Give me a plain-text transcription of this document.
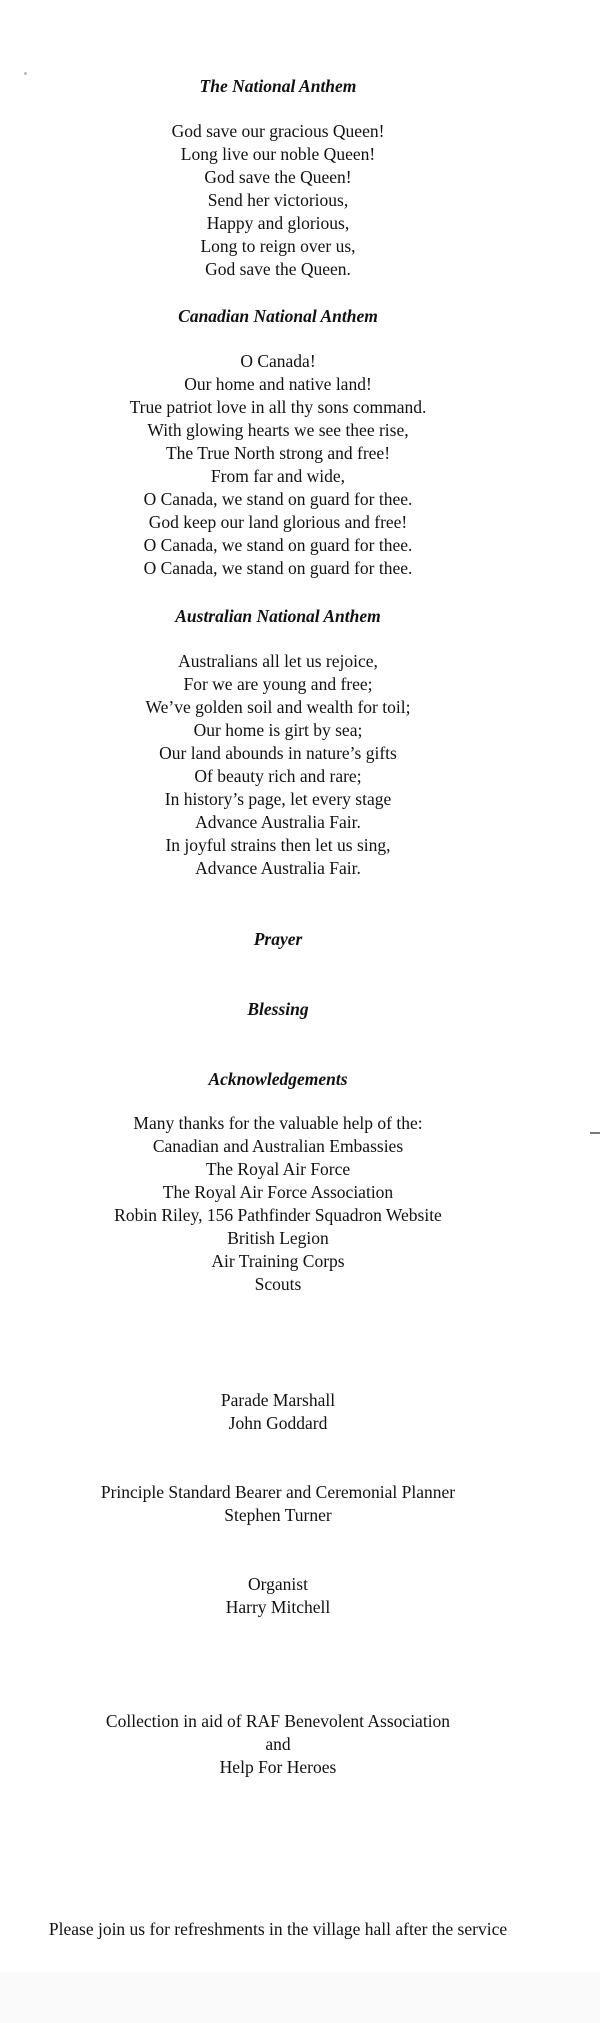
The National Anthem
God save our gracious Queen!
Long live our noble Queen!
God save the Queen!
Send her victorious,
Happy and glorious,
Long to reign over us,
God save the Queen.
Canadian National Anthem
O Canada!
Our home and native land!
True patriot love in all thy sons command.
With glowing hearts we see thee rise,
The True North strong and free!
From far and wide,
O Canada, we stand on guard for thee.
God keep our land glorious and free!
O Canada, we stand on guard for thee.
O Canada, we stand on guard for thee.
Australian National Anthem
Australians all let us rejoice,
For we are young and free;
We’ve golden soil and wealth for toil;
Our home is girt by sea;
Our land abounds in nature’s gifts
Of beauty rich and rare;
In history’s page, let every stage
Advance Australia Fair.
In joyful strains then let us sing,
Advance Australia Fair.
Prayer
Blessing
Acknowledgements
Many thanks for the valuable help of the:
Canadian and Australian Embassies
The Royal Air Force
The Royal Air Force Association
Robin Riley, 156 Pathfinder Squadron Website
British Legion
Air Training Corps
Scouts
Parade Marshall
John Goddard
Principle Standard Bearer and Ceremonial Planner
Stephen Turner
Organist
Harry Mitchell
Collection in aid of RAF Benevolent Association
and
Help For Heroes
Please join us for refreshments in the village hall after the service
